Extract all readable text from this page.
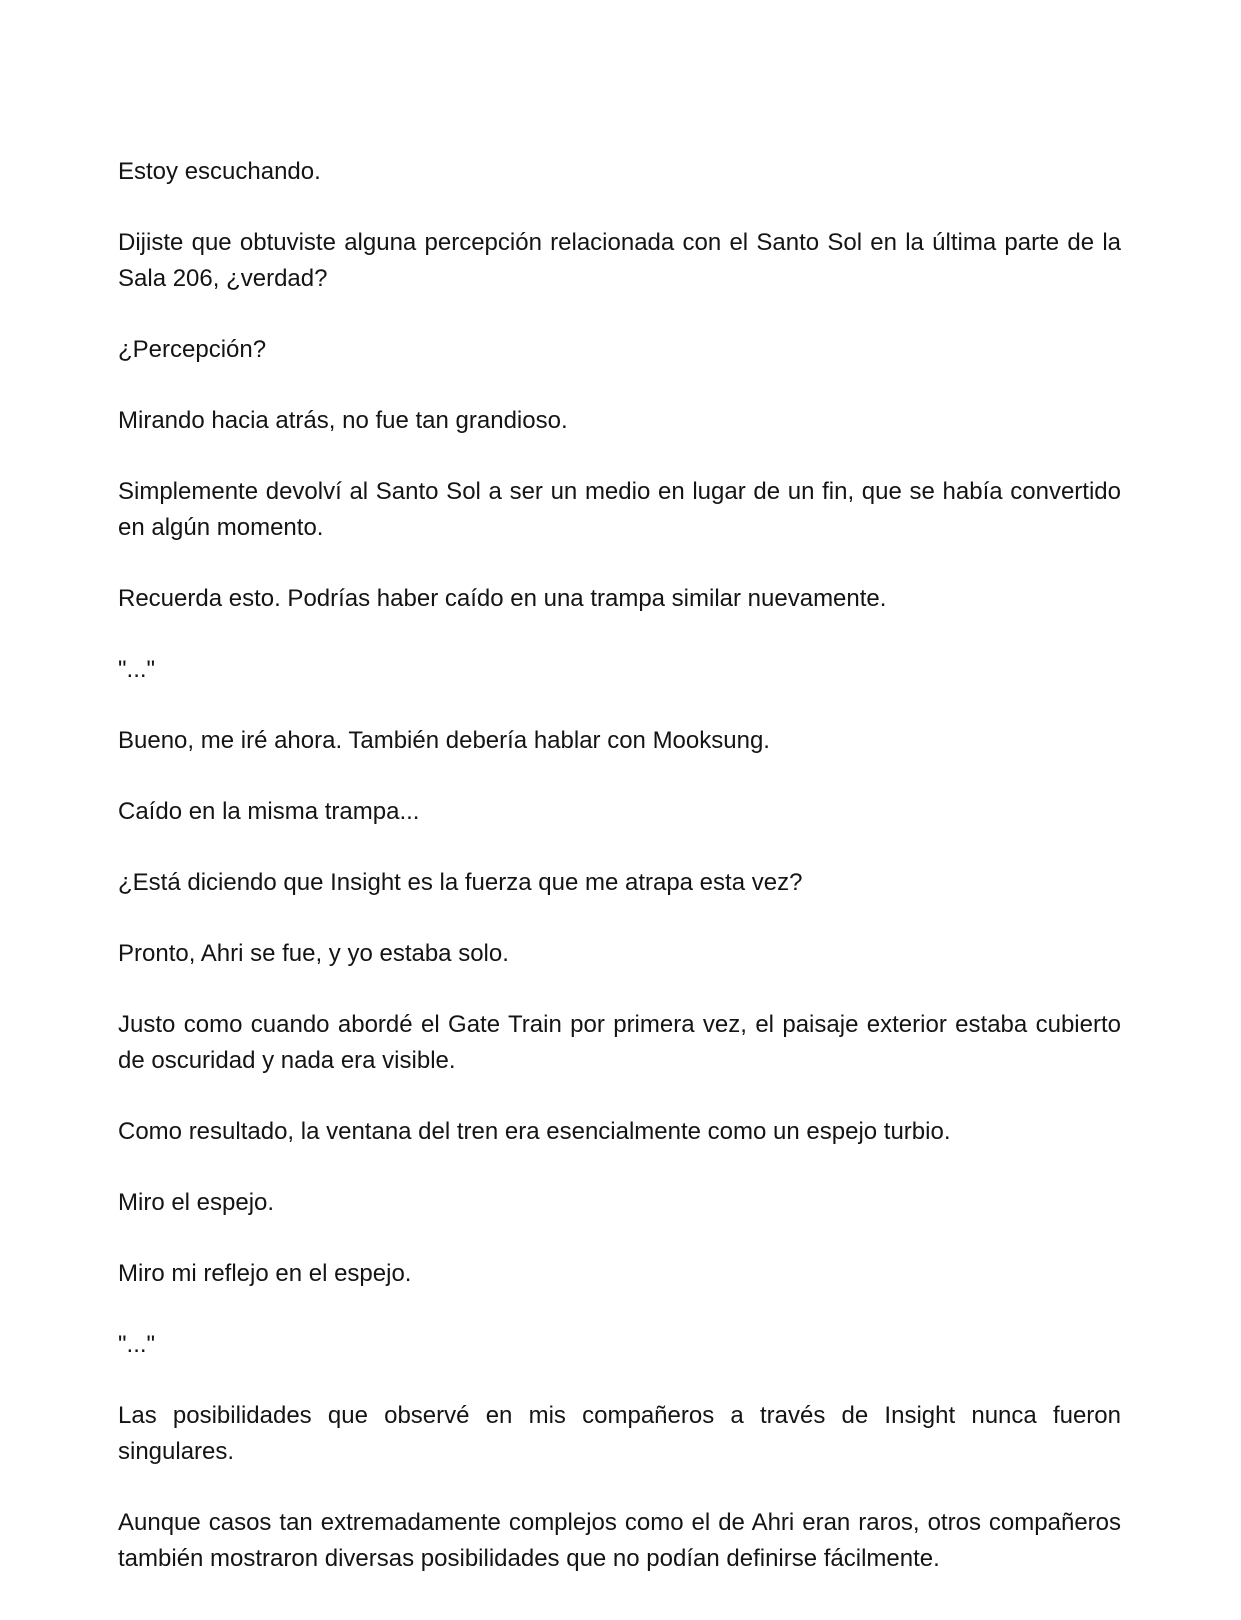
Estoy escuchando.

Dijiste que obtuviste alguna percepción relacionada con el Santo Sol en la última parte de la Sala 206, ¿verdad?

¿Percepción?

Mirando hacia atrás, no fue tan grandioso.

Simplemente devolví al Santo Sol a ser un medio en lugar de un fin, que se había convertido en algún momento.

Recuerda esto. Podrías haber caído en una trampa similar nuevamente.

"..."

Bueno, me iré ahora. También debería hablar con Mooksung.

Caído en la misma trampa...

¿Está diciendo que Insight es la fuerza que me atrapa esta vez?

Pronto, Ahri se fue, y yo estaba solo.

Justo como cuando abordé el Gate Train por primera vez, el paisaje exterior estaba cubierto de oscuridad y nada era visible.

Como resultado, la ventana del tren era esencialmente como un espejo turbio.

Miro el espejo.

Miro mi reflejo en el espejo.

"..."

Las posibilidades que observé en mis compañeros a través de Insight nunca fueron singulares.

Aunque casos tan extremadamente complejos como el de Ahri eran raros, otros compañeros también mostraron diversas posibilidades que no podían definirse fácilmente.
